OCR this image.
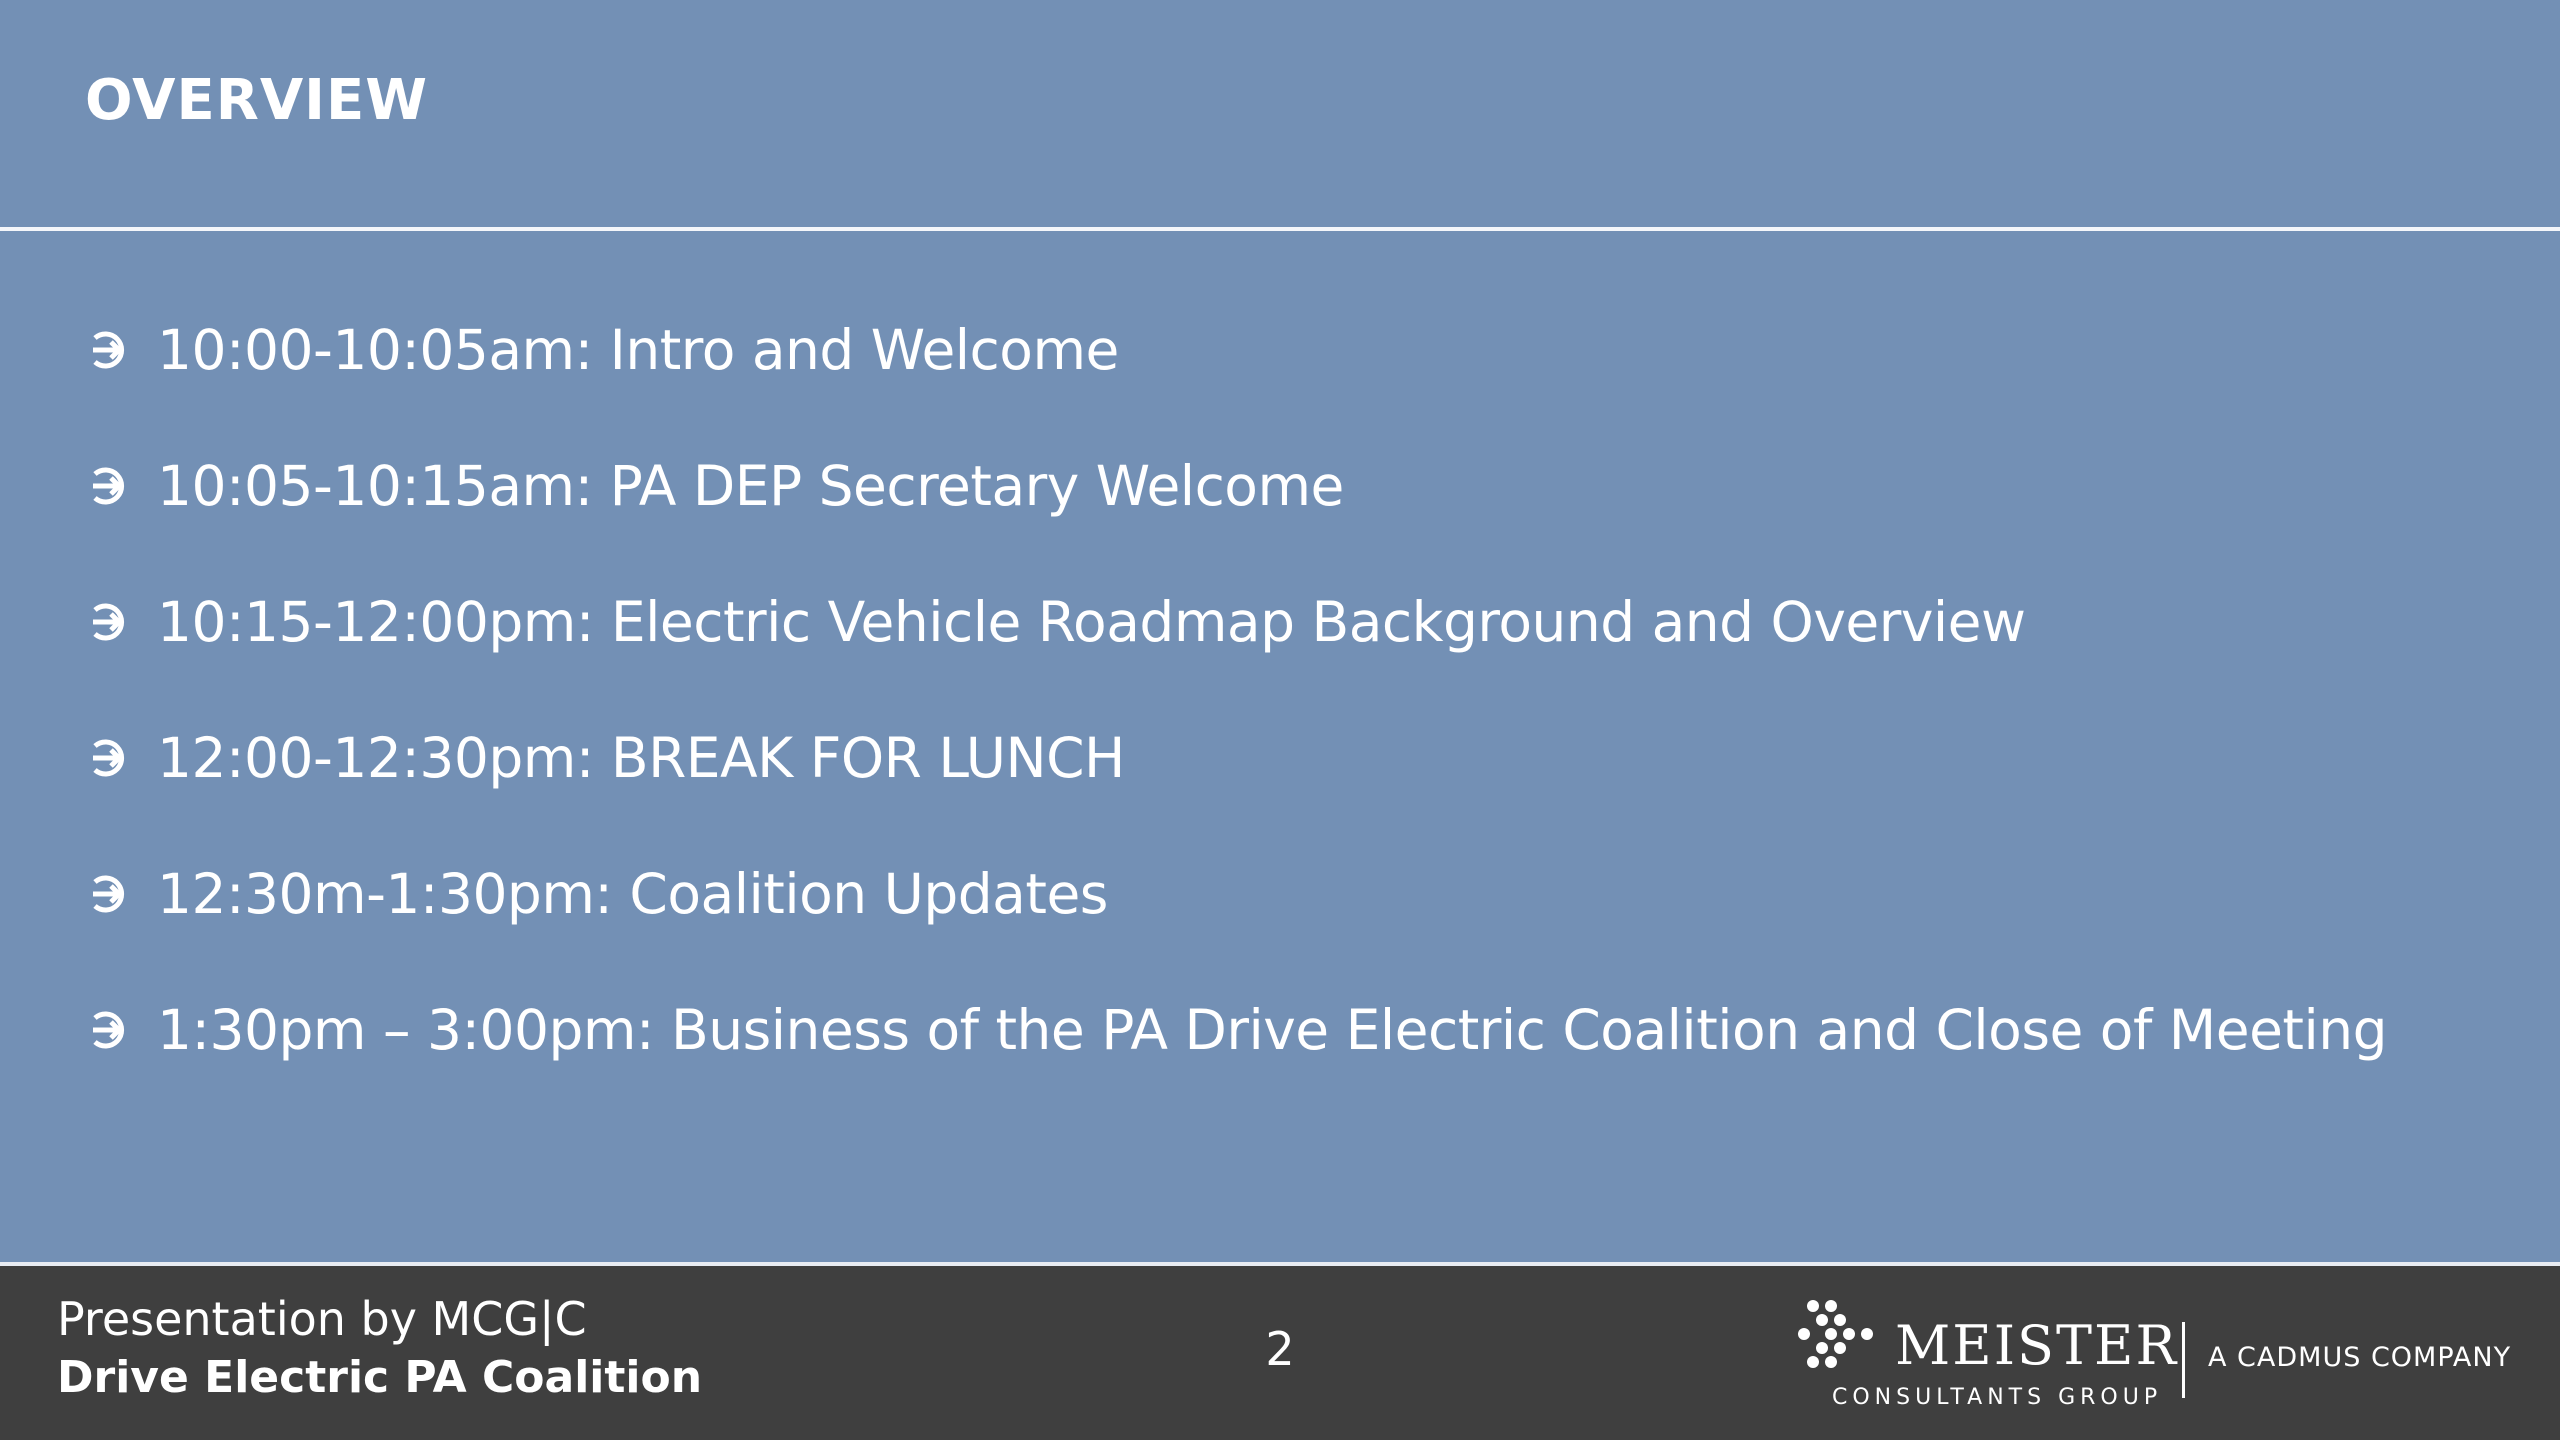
OVERVIEW
10:00-10:05am: Intro and Welcome
10:05-10:15am: PA DEP Secretary Welcome
10:15-12:00pm: Electric Vehicle Roadmap Background and Overview
12:00-12:30pm: BREAK FOR LUNCH
12:30m-1:30pm: Coalition Updates
1:30pm – 3:00pm: Business of the PA Drive Electric Coalition and Close of Meeting
Presentation by MCG|C
Drive Electric PA Coalition
2	MEISTER
CONSULTANTS GROUP
A CADMUS COMPANY
